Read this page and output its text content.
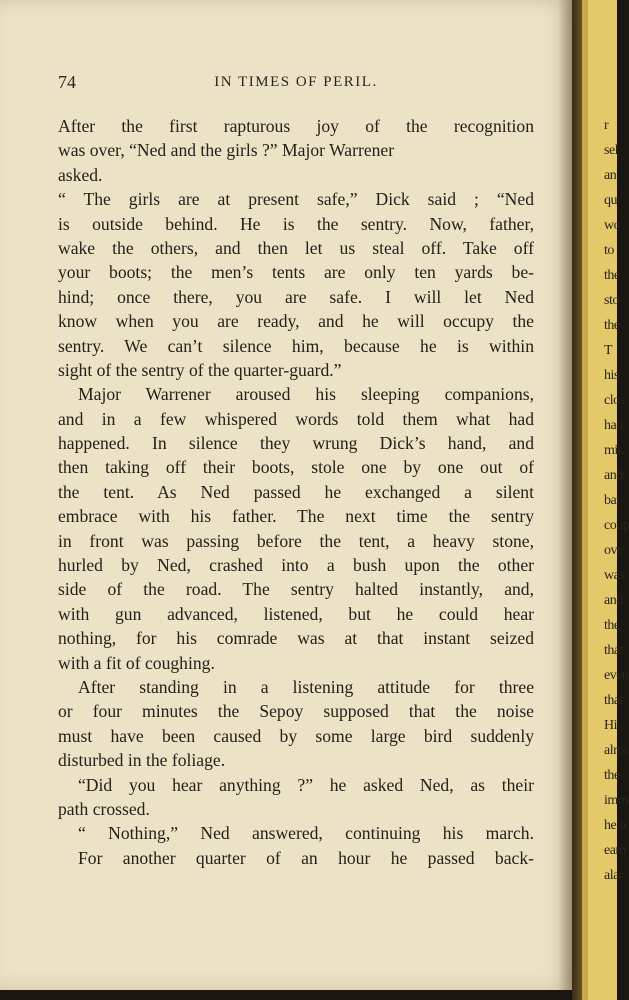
74	IN TIMES OF PERIL.
After the first rapturous joy of the recognition
was over, “Ned and the girls ?” Major Warrener
asked.
“ The girls are at present safe,” Dick said ; “Ned
is outside behind. He is the sentry. Now, father,
wake the others, and then let us steal off. Take off
your boots; the men’s tents are only ten yards be-
hind; once there, you are safe. I will let Ned
know when you are ready, and he will occupy the
sentry. We can’t silence him, because he is within
sight of the sentry of the quarter-guard.”
Major Warrener aroused his sleeping companions,
and in a few whispered words told them what had
happened. In silence they wrung Dick’s hand, and
then taking off their boots, stole one by one out of
the tent. As Ned passed he exchanged a silent
embrace with his father. The next time the sentry
in front was passing before the tent, a heavy stone,
hurled by Ned, crashed into a bush upon the other
side of the road. The sentry halted instantly, and,
with gun advanced, listened, but he could hear
nothing, for his comrade was at that instant seized
with a fit of coughing.
After standing in a listening attitude for three
or four minutes the Sepoy supposed that the noise
must have been caused by some large bird suddenly
disturbed in the foliage.
“Did you hear anything ?” he asked Ned, as their
path crossed.
“ Nothing,” Ned answered, continuing his march.
For another quarter of an hour he passed back-
r
sel
an
qu
wo
to
the
sto
the
T
his
clos
had
mis
and
bat
coup
ove
was
and
the
that
even
that
Hi
alrea
the
imm
he b
eam
alar
